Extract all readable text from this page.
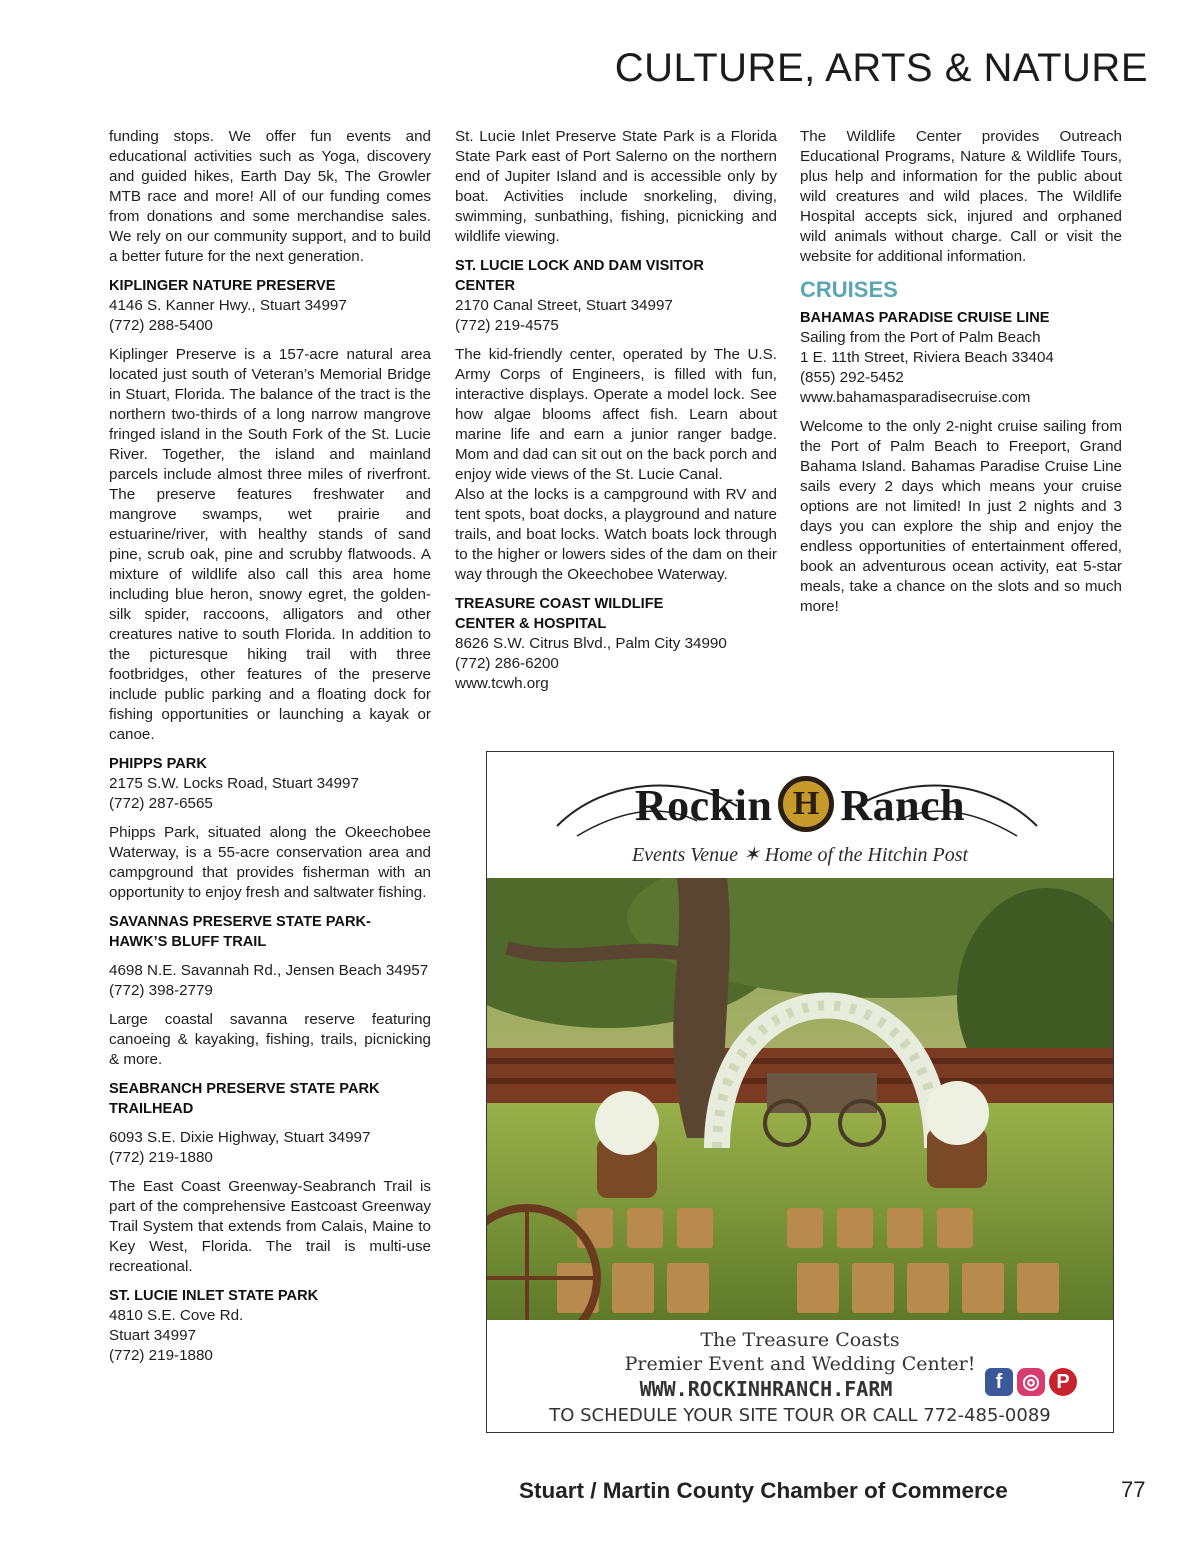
CULTURE, ARTS & NATURE

funding stops. We offer fun events and educational activities such as Yoga, discovery and guided hikes, Earth Day 5k, The Growler MTB race and more! All of our funding comes from donations and some merchandise sales. We rely on our community support, and to build a better future for the next generation.

KIPLINGER NATURE PRESERVE
4146 S. Kanner Hwy., Stuart 34997
(772) 288-5400

Kiplinger Preserve is a 157-acre natural area located just south of Veteran’s Memorial Bridge in Stuart, Florida. The balance of the tract is the northern two-thirds of a long narrow mangrove fringed island in the South Fork of the St. Lucie River. Together, the island and mainland parcels include almost three miles of riverfront. The preserve features freshwater and mangrove swamps, wet prairie and estuarine/river, with healthy stands of sand pine, scrub oak, pine and scrubby flatwoods. A mixture of wildlife also call this area home including blue heron, snowy egret, the golden-silk spider, raccoons, alligators and other creatures native to south Florida. In addition to the picturesque hiking trail with three footbridges, other features of the preserve include public parking and a floating dock for fishing opportunities or launching a kayak or canoe.

PHIPPS PARK
2175 S.W. Locks Road, Stuart 34997
(772) 287-6565

Phipps Park, situated along the Okeechobee Waterway, is a 55-acre conservation area and campground that provides fisherman with an opportunity to enjoy fresh and saltwater fishing.

SAVANNAS PRESERVE STATE PARK-
HAWK’S BLUFF TRAIL
4698 N.E. Savannah Rd., Jensen Beach 34957
(772) 398-2779

Large coastal savanna reserve featuring canoeing & kayaking, fishing, trails, picnicking & more.

SEABRANCH PRESERVE STATE PARK
TRAILHEAD
6093 S.E. Dixie Highway, Stuart 34997
(772) 219-1880

The East Coast Greenway-Seabranch Trail is part of the comprehensive Eastcoast Greenway Trail System that extends from Calais, Maine to Key West, Florida. The trail is multi-use recreational.

ST. LUCIE INLET STATE PARK
4810 S.E. Cove Rd.
Stuart 34997
(772) 219-1880

St. Lucie Inlet Preserve State Park is a Florida State Park east of Port Salerno on the northern end of Jupiter Island and is accessible only by boat. Activities include snorkeling, diving, swimming, sunbathing, fishing, picnicking and wildlife viewing.

ST. LUCIE LOCK AND DAM VISITOR
CENTER
2170 Canal Street, Stuart 34997
(772) 219-4575

The kid-friendly center, operated by The U.S. Army Corps of Engineers, is filled with fun, interactive displays. Operate a model lock. See how algae blooms affect fish. Learn about marine life and earn a junior ranger badge. Mom and dad can sit out on the back porch and enjoy wide views of the St. Lucie Canal.

Also at the locks is a campground with RV and tent spots, boat docks, a playground and nature trails, and boat locks. Watch boats lock through to the higher or lowers sides of the dam on their way through the Okeechobee Waterway.

TREASURE COAST WILDLIFE
CENTER & HOSPITAL
8626 S.W. Citrus Blvd., Palm City 34990
(772) 286-6200
www.tcwh.org

The Wildlife Center provides Outreach Educational Programs, Nature & Wildlife Tours, plus help and information for the public about wild creatures and wild places. The Wildlife Hospital accepts sick, injured and orphaned wild animals without charge. Call or visit the website for additional information.

CRUISES
BAHAMAS PARADISE CRUISE LINE
Sailing from the Port of Palm Beach
1 E. 11th Street, Riviera Beach 33404
(855) 292-5452
www.bahamasparadisecruise.com

Welcome to the only 2-night cruise sailing from the Port of Palm Beach to Freeport, Grand Bahama Island. Bahamas Paradise Cruise Line sails every 2 days which means your cruise options are not limited! In just 2 nights and 3 days you can explore the ship and enjoy the endless opportunities of entertainment offered, book an adventurous ocean activity, eat 5-star meals, take a chance on the slots and so much more!

Rockin H Ranch
Events Venue ✶ Home of the Hitchin Post
The Treasure Coasts
Premier Event and Wedding Center!
WWW.ROCKINHRANCH.FARM
TO SCHEDULE YOUR SITE TOUR OR CALL 772-485-0089
f ◎ P
Stuart / Martin County Chamber of Commerce	77
